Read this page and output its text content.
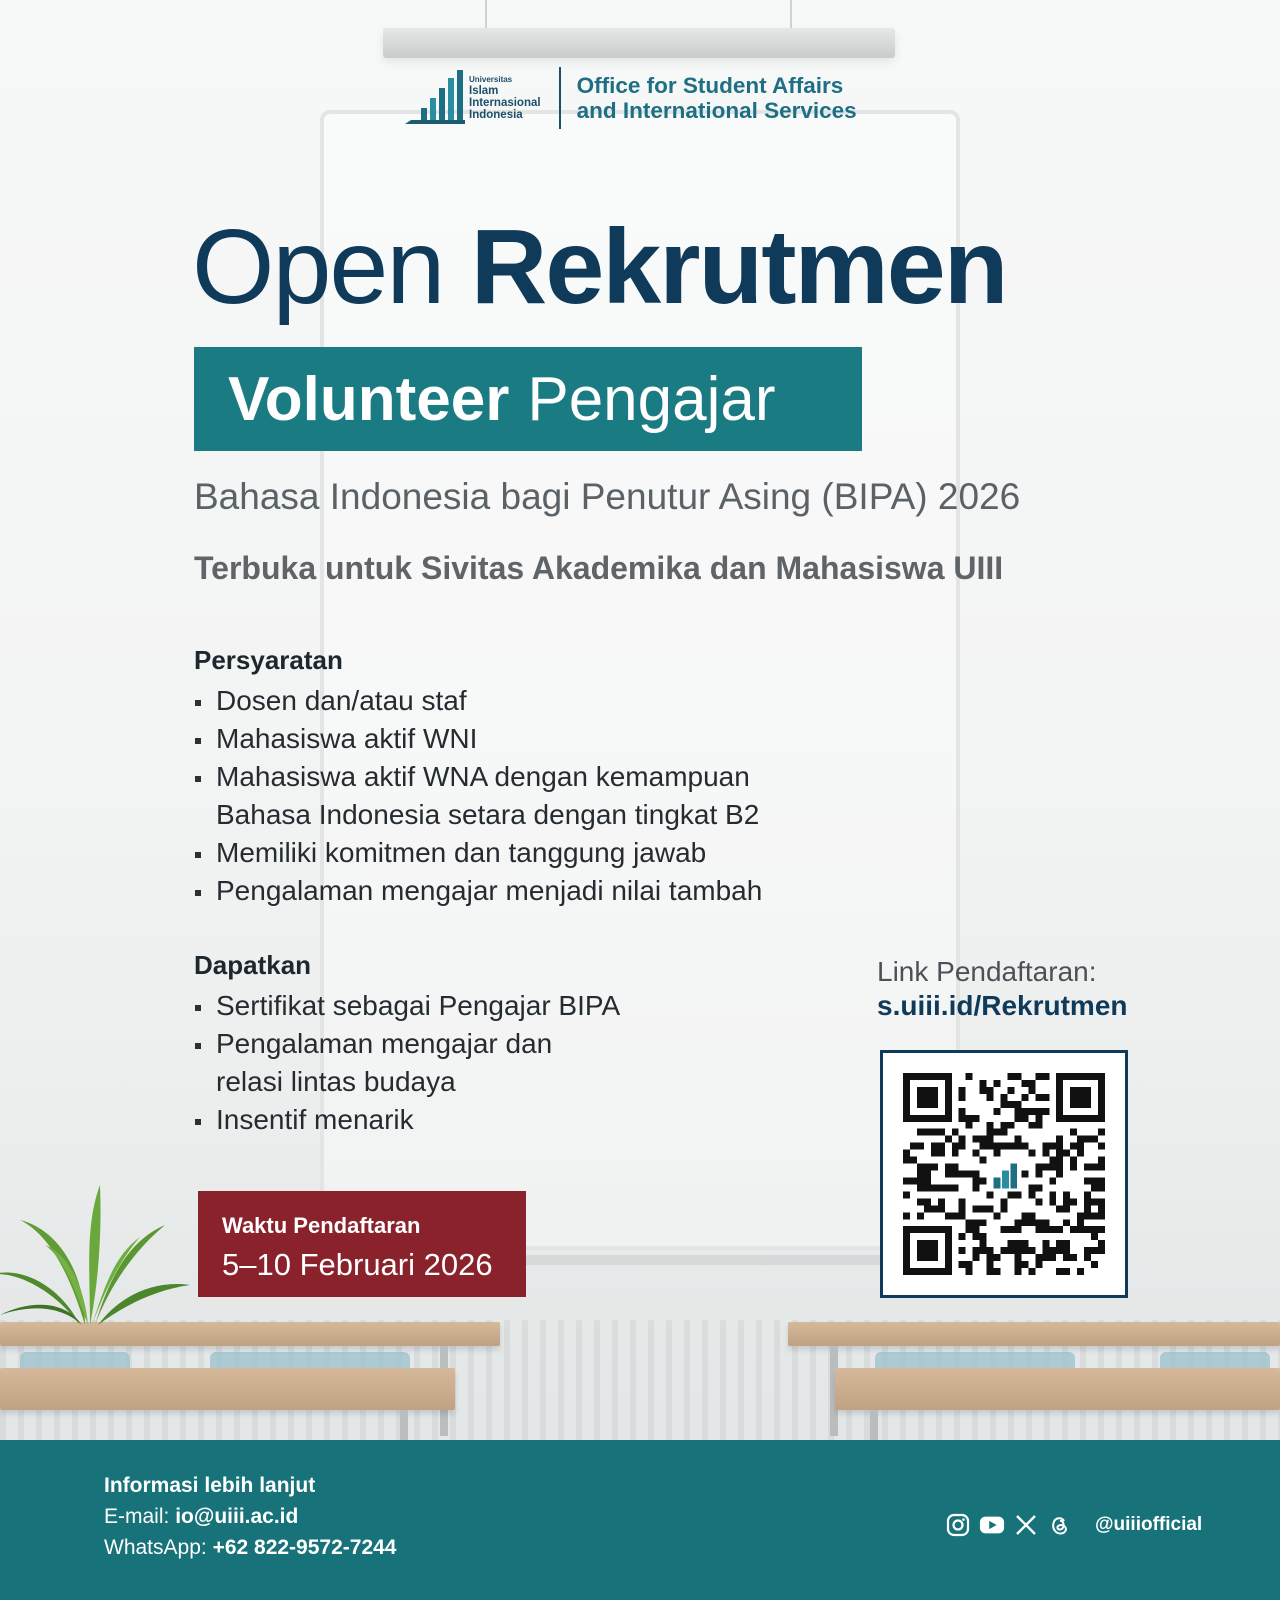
Universitas
Islam
Internasional
Indonesia
Office for Student Affairs
and International Services
Open Rekrutmen
Volunteer Pengajar
Bahasa Indonesia bagi Penutur Asing (BIPA) 2026
Terbuka untuk Sivitas Akademika dan Mahasiswa UIII
Persyaratan
Dosen dan/atau staf
Mahasiswa aktif WNI
Mahasiswa aktif WNA dengan kemampuan Bahasa Indonesia setara dengan tingkat B2
Memiliki komitmen dan tanggung jawab
Pengalaman mengajar menjadi nilai tambah
Dapatkan
Sertifikat sebagai Pengajar BIPA
Pengalaman mengajar dan relasi lintas budaya
Insentif menarik
Waktu Pendaftaran
5–10 Februari 2026
Link Pendaftaran:
s.uiii.id/Rekrutmen
Informasi lebih lanjut
E-mail: io@uiii.ac.id
WhatsApp: +62 822-9572-7244
@uiiiofficial
